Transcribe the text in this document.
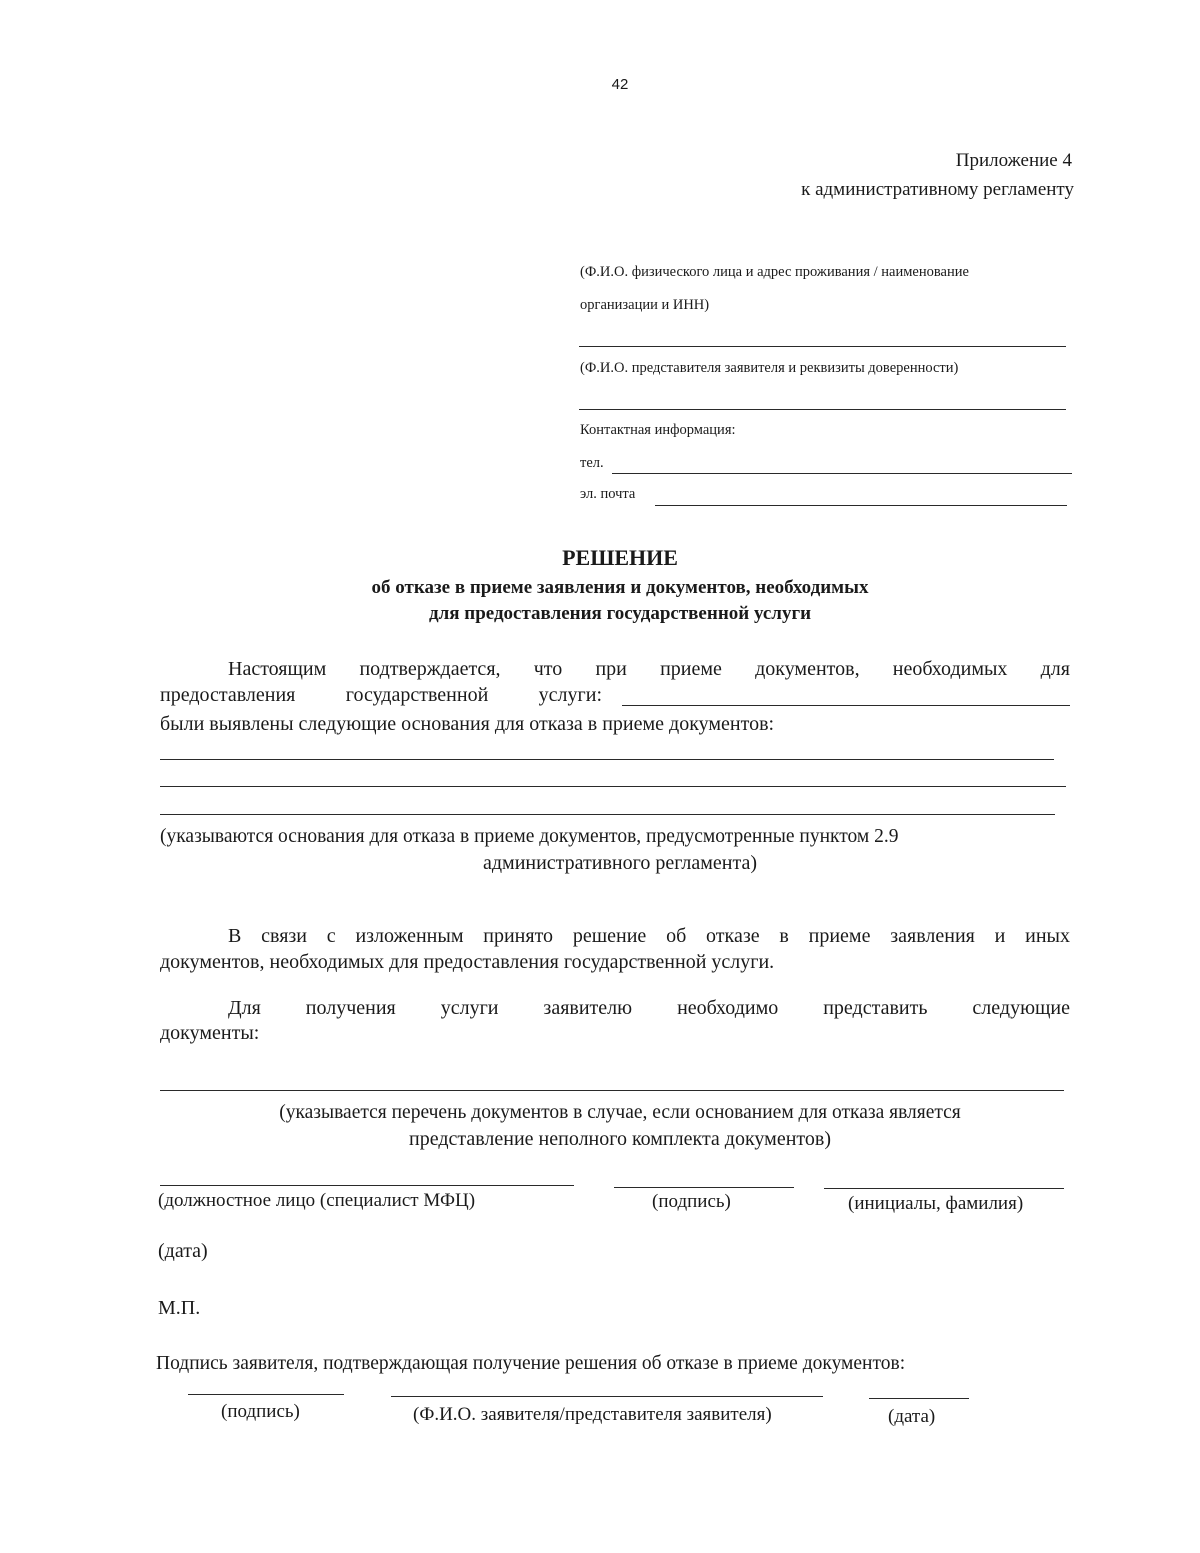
42
Приложение 4
к административному регламенту
(Ф.И.О. физического лица и адрес проживания / наименование
организации и ИНН)
(Ф.И.О. представителя заявителя и реквизиты доверенности)
Контактная информация:
тел.
эл. почта
РЕШЕНИЕ
об отказе в приеме заявления и документов, необходимых
для предоставления государственной услуги
Настоящим подтверждается, что при приеме документов, необходимых для
предоставления государственной услуги:
были выявлены следующие основания для отказа в приеме документов:
(указываются основания для отказа в приеме документов, предусмотренные пунктом 2.9
административного регламента)
В связи с изложенным принято решение об отказе в приеме заявления и иных
документов, необходимых для предоставления государственной услуги.
Для получения услуги заявителю необходимо представить следующие
документы:
(указывается перечень документов в случае, если основанием для отказа является
представление неполного комплекта документов)
(должностное лицо (специалист МФЦ)	(подпись)	(инициалы, фамилия)
(дата)
М.П.
Подпись заявителя, подтверждающая получение решения об отказе в приеме документов:
(подпись)	(Ф.И.О. заявителя/представителя заявителя)	(дата)
